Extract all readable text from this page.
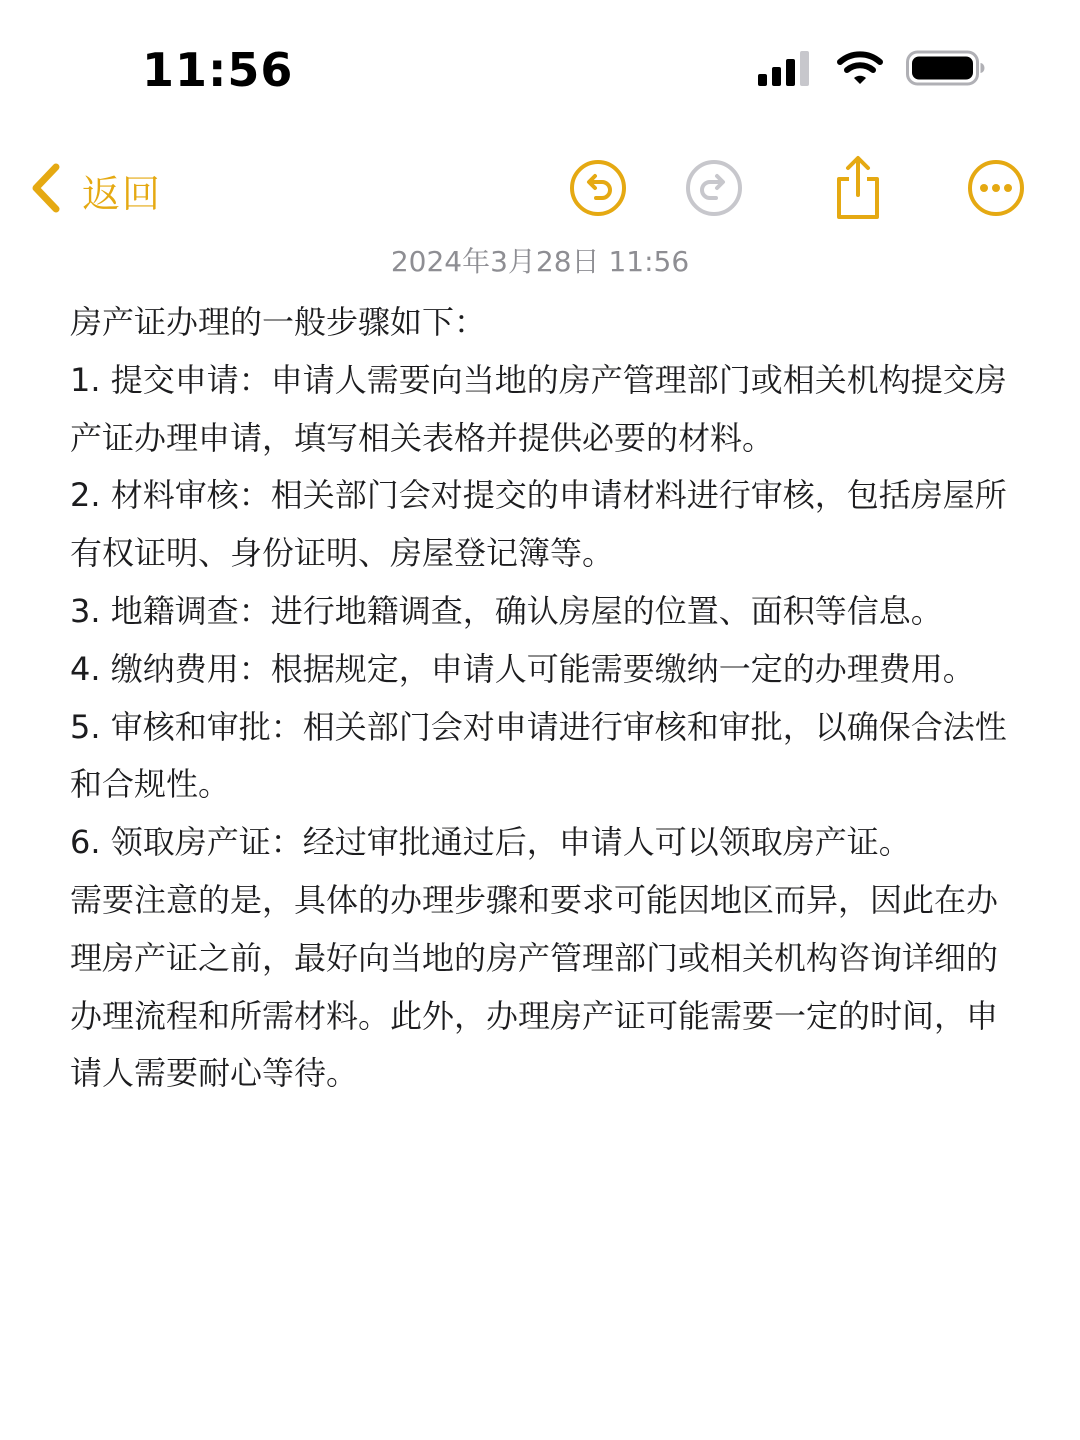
11:56
返回
2024年3月28日 11:56

房产证办理的一般步骤如下：

1. 提交申请：申请人需要向当地的房产管理部门或相关机构提交房产证办理申请，填写相关表格并提供必要的材料。

2. 材料审核：相关部门会对提交的申请材料进行审核，包括房屋所有权证明、身份证明、房屋登记簿等。

3. 地籍调查：进行地籍调查，确认房屋的位置、面积等信息。

4. 缴纳费用：根据规定，申请人可能需要缴纳一定的办理费用。

5. 审核和审批：相关部门会对申请进行审核和审批，以确保合法性和合规性。

6. 领取房产证：经过审批通过后，申请人可以领取房产证。

需要注意的是，具体的办理步骤和要求可能因地区而异，因此在办理房产证之前，最好向当地的房产管理部门或相关机构咨询详细的办理流程和所需材料。此外，办理房产证可能需要一定的时间，申请人需要耐心等待。
